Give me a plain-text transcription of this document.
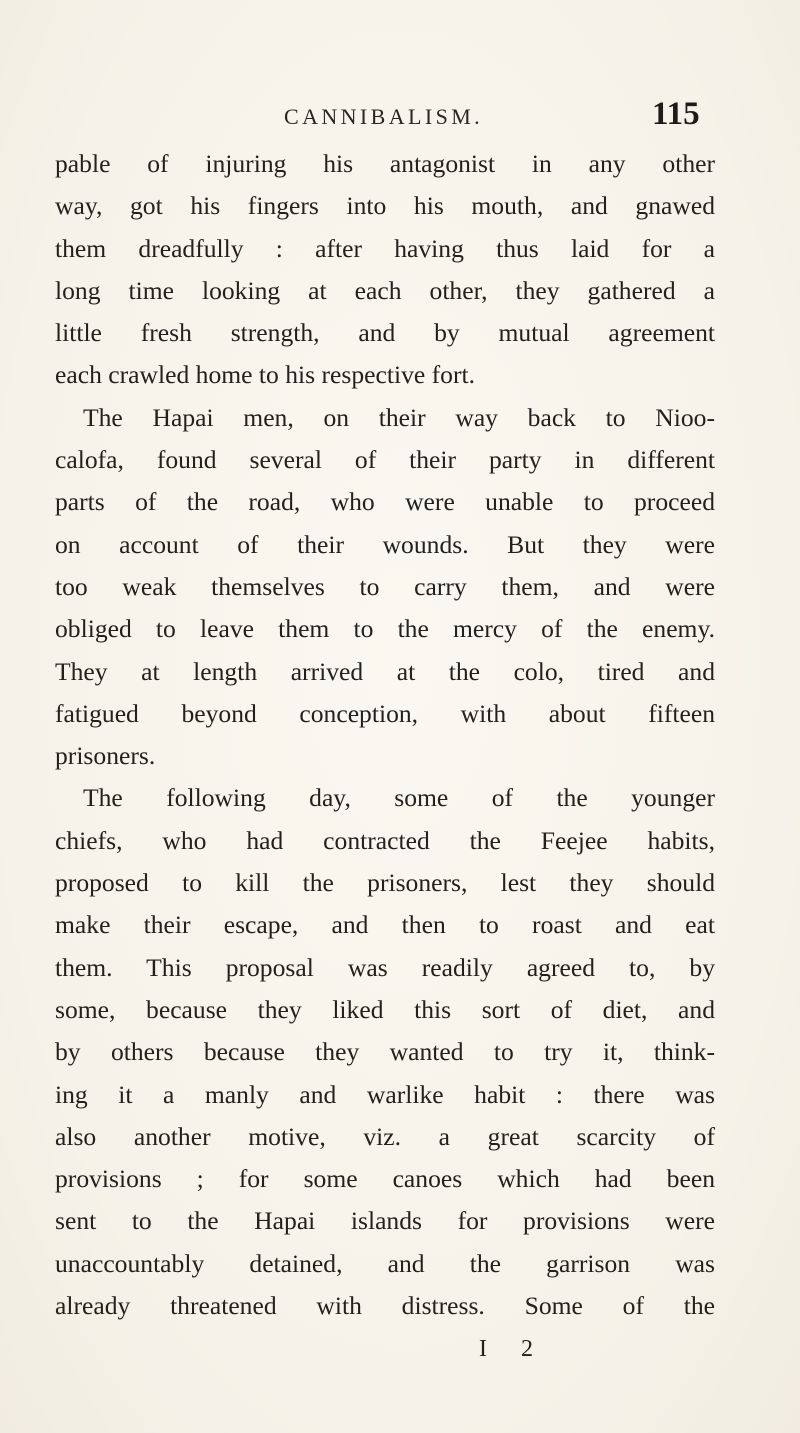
CANNIBALISM.	115
pable of injuring his antagonist in any other
way, got his fingers into his mouth, and gnawed
them dreadfully : after having thus laid for a
long time looking at each other, they gathered a
little fresh strength, and by mutual agreement
each crawled home to his respective fort.
The Hapai men, on their way back to Nioo-
calofa, found several of their party in different
parts of the road, who were unable to proceed
on account of their wounds. But they were
too weak themselves to carry them, and were
obliged to leave them to the mercy of the enemy.
They at length arrived at the colo, tired and
fatigued beyond conception, with about fifteen
prisoners.
The following day, some of the younger
chiefs, who had contracted the Feejee habits,
proposed to kill the prisoners, lest they should
make their escape, and then to roast and eat
them. This proposal was readily agreed to, by
some, because they liked this sort of diet, and
by others because they wanted to try it, think-
ing it a manly and warlike habit : there was
also another motive, viz. a great scarcity of
provisions ; for some canoes which had been
sent to the Hapai islands for provisions were
unaccountably detained, and the garrison was
already threatened with distress. Some of the
I 2
